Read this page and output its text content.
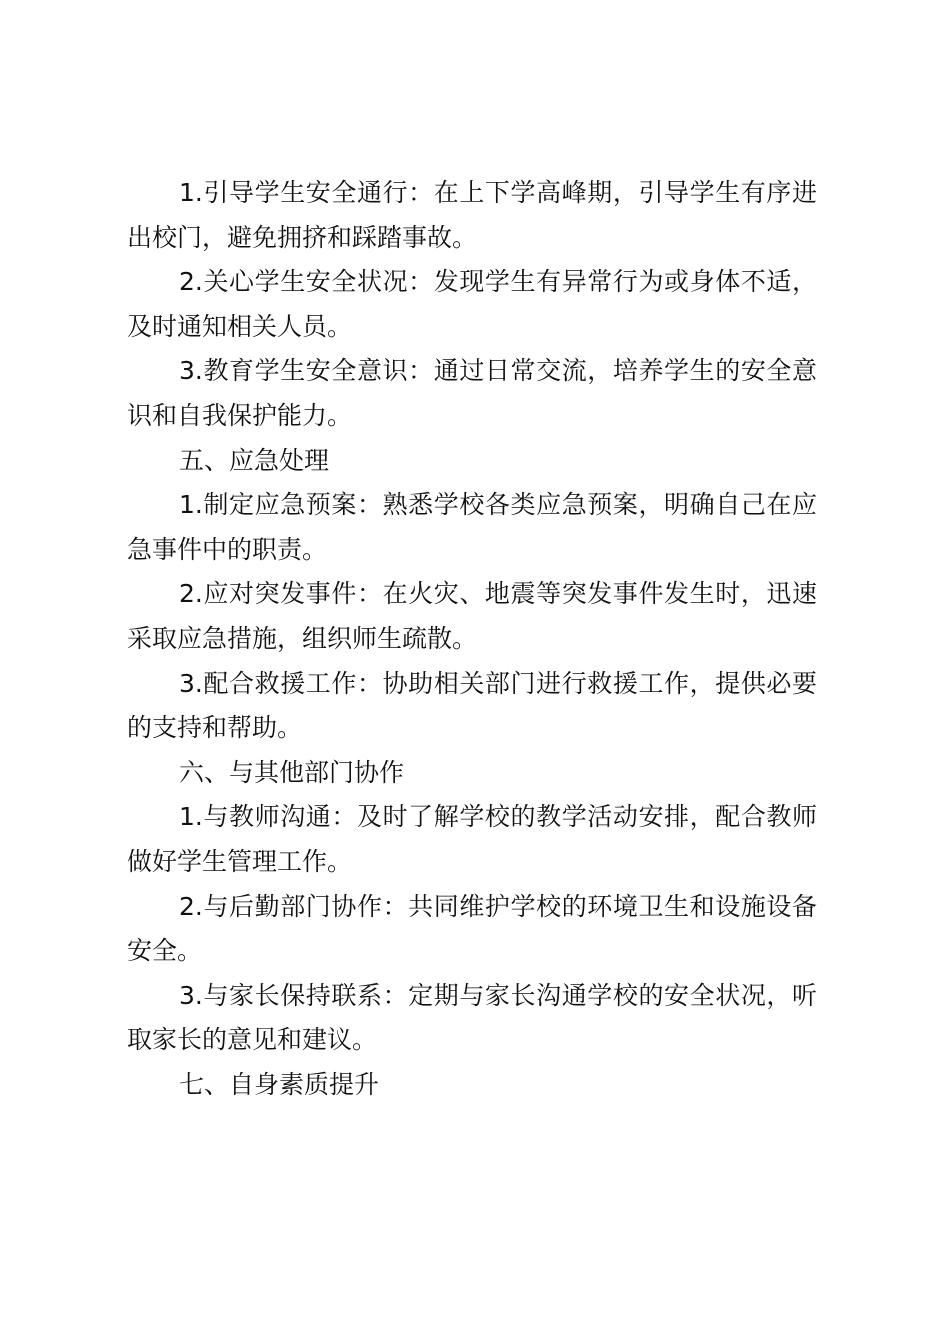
1.引导学生安全通行：在上下学高峰期，引导学生有序进出校门，避免拥挤和踩踏事故。

2.关心学生安全状况：发现学生有异常行为或身体不适，及时通知相关人员。

3.教育学生安全意识：通过日常交流，培养学生的安全意识和自我保护能力。

五、应急处理

1.制定应急预案：熟悉学校各类应急预案，明确自己在应急事件中的职责。

2.应对突发事件：在火灾、地震等突发事件发生时，迅速采取应急措施，组织师生疏散。

3.配合救援工作：协助相关部门进行救援工作，提供必要的支持和帮助。

六、与其他部门协作

1.与教师沟通：及时了解学校的教学活动安排，配合教师做好学生管理工作。

2.与后勤部门协作：共同维护学校的环境卫生和设施设备安全。

3.与家长保持联系：定期与家长沟通学校的安全状况，听取家长的意见和建议。

七、自身素质提升
